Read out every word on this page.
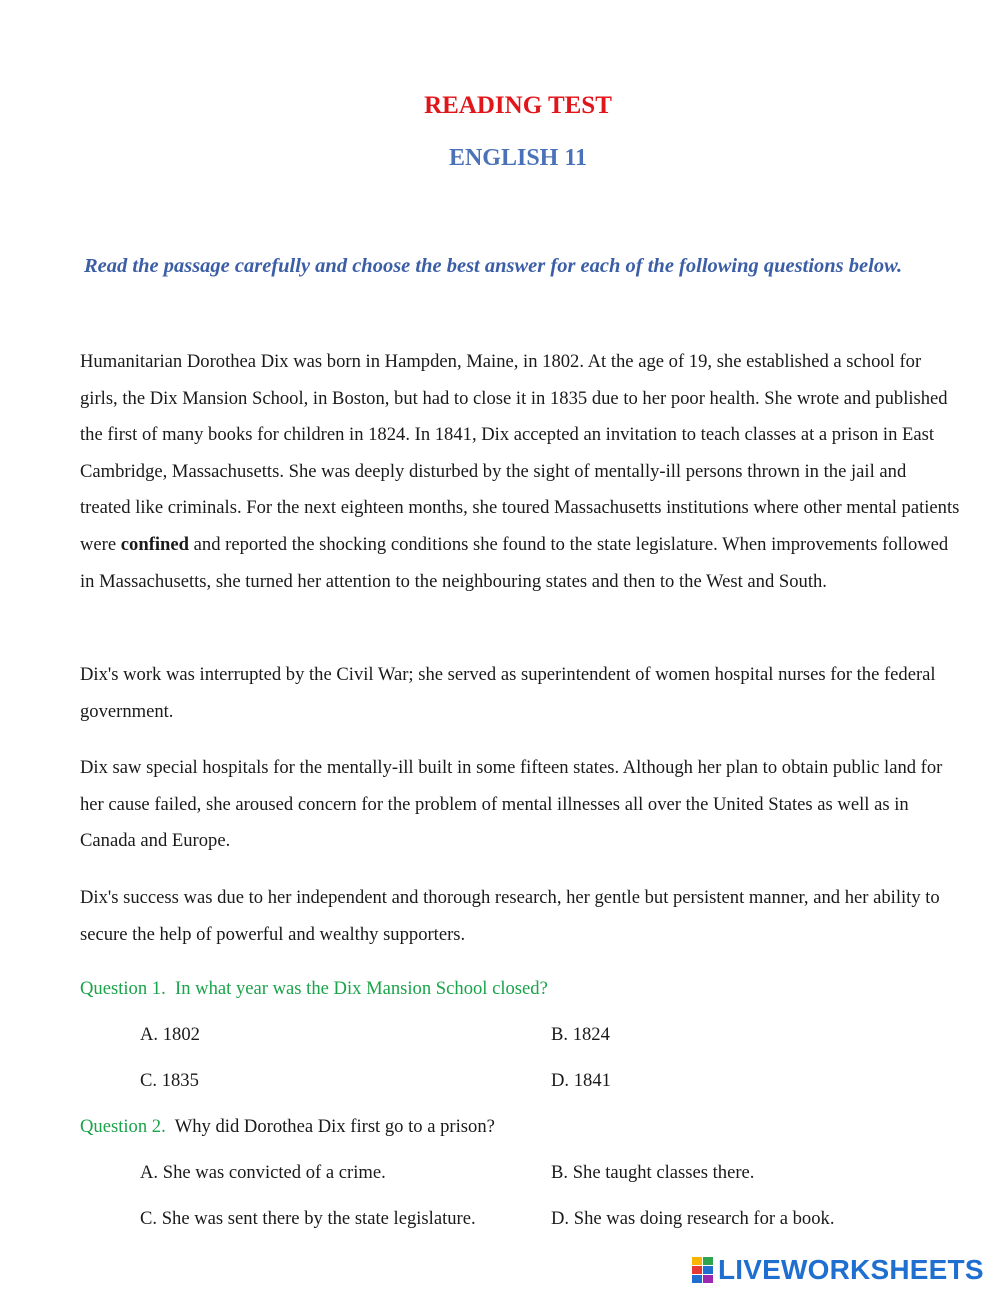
READING TEST
ENGLISH 11

Read the passage carefully and choose the best answer for each of the following questions below.

Humanitarian Dorothea Dix was born in Hampden, Maine, in 1802. At the age of 19, she established a school for girls, the Dix Mansion School, in Boston, but had to close it in 1835 due to her poor health. She wrote and published the first of many books for children in 1824. In 1841, Dix accepted an invitation to teach classes at a prison in East Cambridge, Massachusetts. She was deeply disturbed by the sight of mentally-ill persons thrown in the jail and treated like criminals. For the next eighteen months, she toured Massachusetts institutions where other mental patients were confined and reported the shocking conditions she found to the state legislature. When improvements followed in Massachusetts, she turned her attention to the neighbouring states and then to the West and South.

Dix's work was interrupted by the Civil War; she served as superintendent of women hospital nurses for the federal government.

Dix saw special hospitals for the mentally-ill built in some fifteen states. Although her plan to obtain public land for her cause failed, she aroused concern for the problem of mental illnesses all over the United States as well as in Canada and Europe.

Dix's success was due to her independent and thorough research, her gentle but persistent manner, and her ability to secure the help of powerful and wealthy supporters.

Question 1. In what year was the Dix Mansion School closed?

A. 1802	B. 1824

C. 1835	D. 1841

Question 2. Why did Dorothea Dix first go to a prison?

A. She was convicted of a crime.	B. She taught classes there.

C. She was sent there by the state legislature.	D. She was doing research for a book.

LIVEWORKSHEETS
